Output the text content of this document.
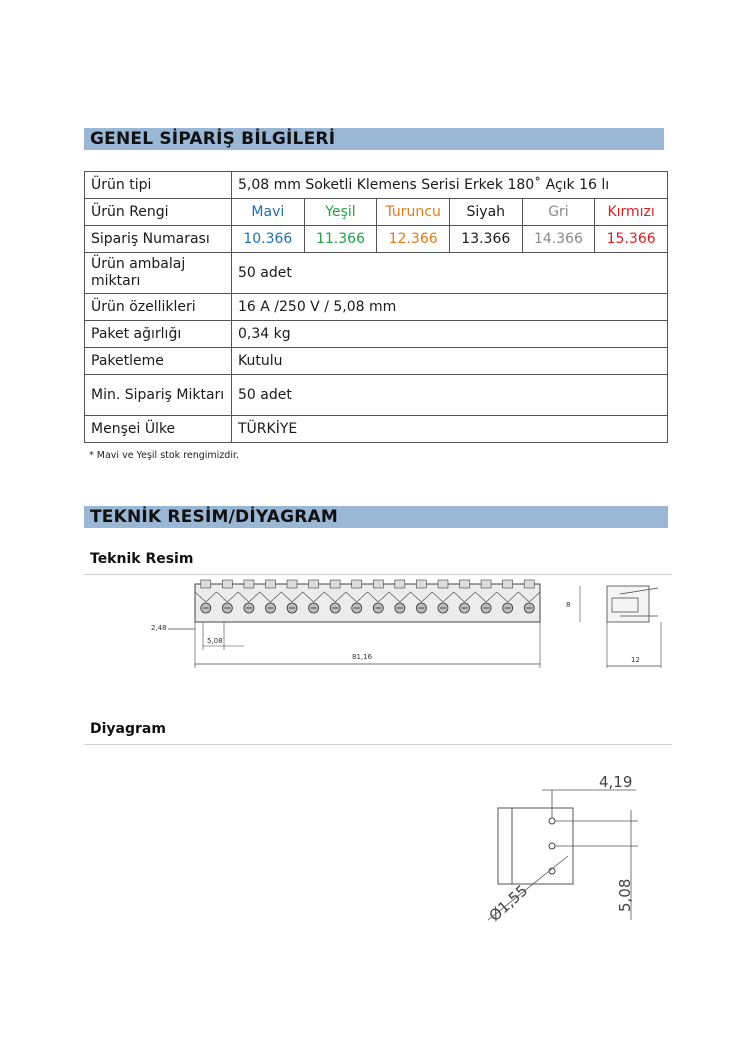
GENEL SİPARİŞ BİLGİLERİ
Ürün tipi	5,08 mm Soketli Klemens Serisi Erkek 180˚ Açık 16 lı					
Ürün Rengi	Mavi	Yeşil	Turuncu	Siyah	Gri	Kırmızı
Sipariş Numarası	10.366	11.366	12.366	13.366	14.366	15.366
Ürün ambalaj miktarı	50 adet					
Ürün özellikleri	16 A /250 V / 5,08 mm					
Paket ağırlığı	0,34 kg					
Paketleme	Kutulu					
Min. Sipariş Miktarı	50 adet					
Menşei Ülke	TÜRKİYE					
* Mavi ve Yeşil stok rengimizdir.
TEKNİK RESİM/DİYAGRAM
Teknik Resim
2,48
5,08
81,16
8
12
Diyagram
4,19
5,08
Ø1,55
